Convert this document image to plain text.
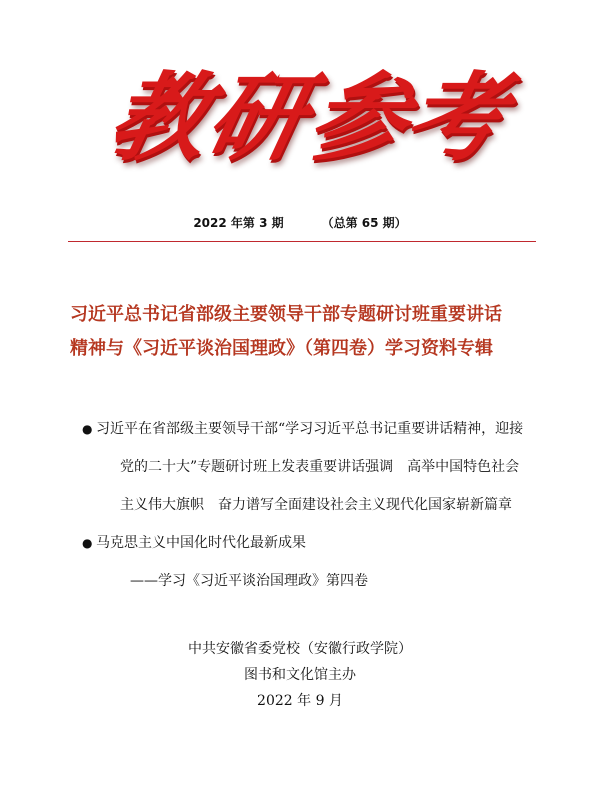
教
研
参
考
2022 年第 3 期	（总第 65 期）
习近平总书记省部级主要领导干部专题研讨班重要讲话
精神与《习近平谈治国理政》（第四卷）学习资料专辑
● 习近平在省部级主要领导干部“学习习近平总书记重要讲话精神，迎接
党的二十大”专题研讨班上发表重要讲话强调　高举中国特色社会
主义伟大旗帜　奋力谱写全面建设社会主义现代化国家崭新篇章
● 马克思主义中国化时代化最新成果
——学习《习近平谈治国理政》第四卷
中共安徽省委党校（安徽行政学院）
图书和文化馆主办
2022 年 9 月
